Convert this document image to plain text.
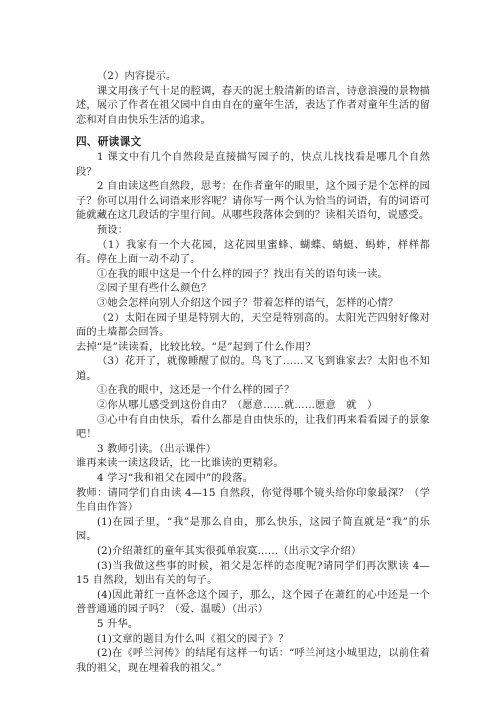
（2）内容提示。

课文用孩子气十足的腔调，春天的泥土般清新的语言，诗意浪漫的景物描述，展示了作者在祖父园中自由自在的童年生活，表达了作者对童年生活的留恋和对自由快乐生活的追求。

四、研读课文

1 课文中有几个自然段是直接描写园子的，快点儿找找看是哪几个自然段？

2 自由读这些自然段，思考：在作者童年的眼里，这个园子是个怎样的园子？你可以用什么词语来形容呢？请你写一两个认为恰当的词语，有的词语可能就藏在这几段话的字里行间。从哪些段落体会到的？读相关语句，说感受。

预设：

（1）我家有一个大花园，这花园里蜜蜂、蝴蝶、蜻蜓、蚂蚱，样样都有。停在上面一动不动了。

①在我的眼中这是一个什么样的园子？找出有关的语句读一读。

②园子里有些什么颜色？

③她会怎样向别人介绍这个园子？带着怎样的语气，怎样的心情？

（2）太阳在园子里是特别大的，天空是特别高的。太阳光芒四射好像对面的土墙都会回答。

去掉“是”读读看，比较比较。“是”起到了什么作用？

（3）花开了，就像睡醒了似的。鸟飞了……又飞到谁家去？太阳也不知道。

①在我的眼中，这还是一个什么样的园子？

②你从哪儿感受到这份自由？（愿意……就……愿意　就　）

③心中有自由快乐，看什么都是自由快乐的，让我们再来看看园子的景象吧！

3 教师引读。（出示课件）

谁再来读一读这段话，比一比谁读的更精彩。

4 学习“我和祖父在园中”的段落。

教师：请同学们自由读 4—15 自然段，你觉得哪个镜头给你印象最深？（学生自由作答）

(1)在园子里，“我”是那么自由，那么快乐，这园子简直就是“我”的乐园。

(2)介绍萧红的童年其实很孤单寂寞……（出示文字介绍）

(3)当我做这些事的时候，祖父是怎样的态度呢?请同学们再次默读 4—15 自然段，划出有关的句子。

(4)因此萧红一直怀念这个园子，那么，这个园子在萧红的心中还是一个普普通通的园子吗？（爱、温暖）（出示）

5 升华。

(1)文章的题目为什么叫《祖父的园子》？

(2)在《呼兰河传》的结尾有这样一句话：“呼兰河这小城里边，以前住着我的祖父，现在埋着我的祖父。”
